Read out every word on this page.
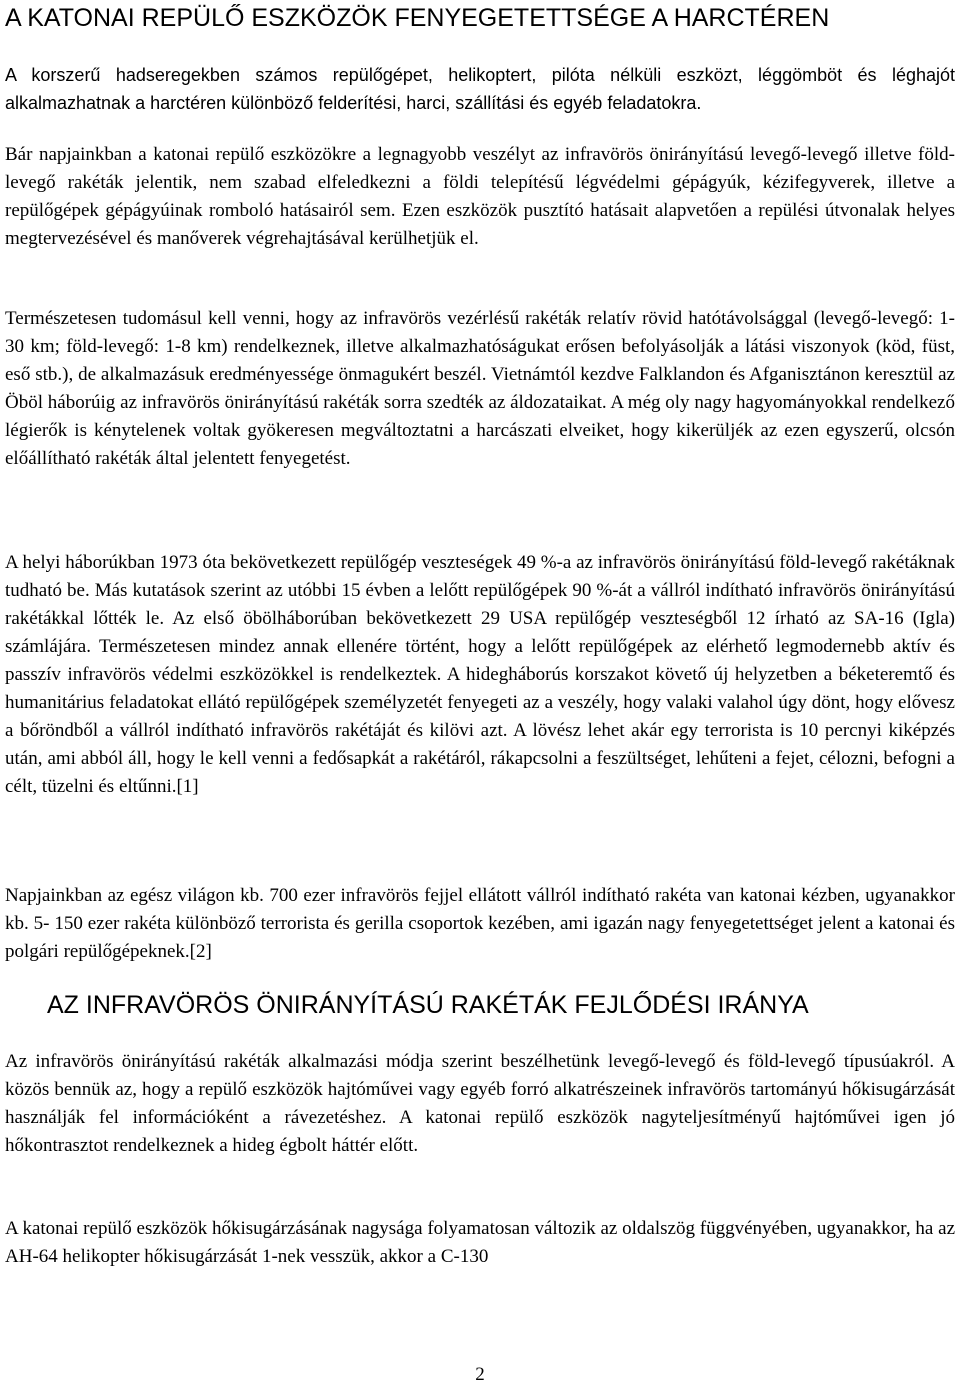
A KATONAI REPÜLŐ ESZKÖZÖK FENYEGETETTSÉGE A HARCTÉREN

A korszerű hadseregekben számos repülőgépet, helikoptert, pilóta nélküli eszközt, léggömböt és léghajót alkalmazhatnak a harctéren különböző felderítési, harci, szállítási és egyéb feladatokra.

Bár napjainkban a katonai repülő eszközökre a legnagyobb veszélyt az infravörös önirányítású levegő-levegő illetve föld-levegő rakéták jelentik, nem szabad elfeledkezni a földi telepítésű légvédelmi gépágyúk, kézifegyverek, illetve a repülőgépek gépágyúinak romboló hatásairól sem. Ezen eszközök pusztító hatásait alapvetően a repülési útvonalak helyes megtervezésével és manőverek végrehajtásával kerülhetjük el.

Természetesen tudomásul kell venni, hogy az infravörös vezérlésű rakéták relatív rövid hatótávolsággal (levegő-levegő: 1-30 km; föld-levegő: 1-8 km) rendelkeznek, illetve alkalmazhatóságukat erősen befolyásolják a látási viszonyok (köd, füst, eső stb.), de alkalmazásuk eredményessége önmagukért beszél. Vietnámtól kezdve Falklandon és Afganisztánon keresztül az Öböl háborúig az infravörös önirányítású rakéták sorra szedték az áldozataikat. A még oly nagy hagyományokkal rendelkező légierők is kénytelenek voltak gyökeresen megváltoztatni a harcászati elveiket, hogy kikerüljék az ezen egyszerű, olcsón előállítható rakéták által jelentett fenyegetést.

A helyi háborúkban 1973 óta bekövetkezett repülőgép veszteségek 49 %-a az infravörös önirányítású föld-levegő rakétáknak tudható be. Más kutatások szerint az utóbbi 15 évben a lelőtt repülőgépek 90 %-át a vállról indítható infravörös önirányítású rakétákkal lőtték le. Az első öbölháborúban bekövetkezett 29 USA repülőgép veszteségből 12 írható az SA-16 (Igla) számlájára. Természetesen mindez annak ellenére történt, hogy a lelőtt repülőgépek az elérhető legmodernebb aktív és passzív infravörös védelmi eszközökkel is rendelkeztek. A hidegháborús korszakot követő új helyzetben a béketeremtő és humanitárius feladatokat ellátó repülőgépek személyzetét fenyegeti az a veszély, hogy valaki valahol úgy dönt, hogy elővesz a bőröndből a vállról indítható infravörös rakétáját és kilövi azt. A lövész lehet akár egy terrorista is 10 percnyi kiképzés után, ami abból áll, hogy le kell venni a fedősapkát a rakétáról, rákapcsolni a feszültséget, lehűteni a fejet, célozni, befogni a célt, tüzelni és eltűnni.[1]

Napjainkban az egész világon kb. 700 ezer infravörös fejjel ellátott vállról indítható rakéta van katonai kézben, ugyanakkor kb. 5- 150 ezer rakéta különböző terrorista és gerilla csoportok kezében, ami igazán nagy fenyegetettséget jelent a katonai és polgári repülőgépeknek.[2]

AZ INFRAVÖRÖS ÖNIRÁNYÍTÁSÚ RAKÉTÁK FEJLŐDÉSI IRÁNYA

Az infravörös önirányítású rakéták alkalmazási módja szerint beszélhetünk levegő-levegő és föld-levegő típusúakról. A közös bennük az, hogy a repülő eszközök hajtóművei vagy egyéb forró alkatrészeinek infravörös tartományú hőkisugárzását használják fel információként a rávezetéshez. A katonai repülő eszközök nagyteljesítményű hajtóművei igen jó hőkontrasztot rendelkeznek a hideg égbolt háttér előtt.

A katonai repülő eszközök hőkisugárzásának nagysága folyamatosan változik az oldalszög függvényében, ugyanakkor, ha az AH-64 helikopter hőkisugárzását 1-nek vesszük, akkor a C-130

2
